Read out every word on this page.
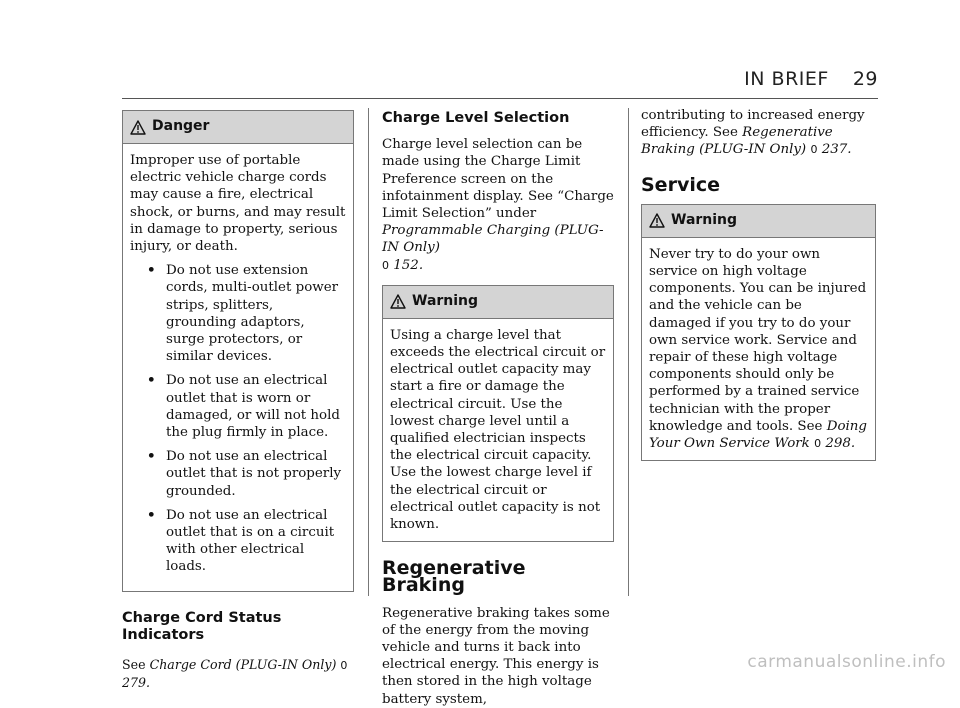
IN BRIEF 29
Danger

Improper use of portable electric vehicle charge cords may cause a fire, electrical shock, or burns, and may result in damage to property, serious injury, or death.

• Do not use extension cords, multi-outlet power strips, splitters, grounding adaptors, surge protectors, or similar devices.
• Do not use an electrical outlet that is worn or damaged, or will not hold the plug firmly in place.
• Do not use an electrical outlet that is not properly grounded.
• Do not use an electrical outlet that is on a circuit with other electrical loads.
Charge Cord Status Indicators

See Charge Cord (PLUG-IN Only) 0 279.

Charge Level Selection

Charge level selection can be made using the Charge Limit Preference screen on the infotainment display. See “Charge Limit Selection” under Programmable Charging (PLUG-IN Only)
0 152.

Warning

Using a charge level that exceeds the electrical circuit or electrical outlet capacity may start a fire or damage the electrical circuit. Use the lowest charge level until a qualified electrician inspects the electrical circuit capacity. Use the lowest charge level if the electrical circuit or electrical outlet capacity is not known.

Regenerative Braking

Regenerative braking takes some of the energy from the moving vehicle and turns it back into electrical energy. This energy is then stored in the high voltage battery system,

contributing to increased energy efficiency. See Regenerative Braking (PLUG-IN Only) 0 237.

Service
Warning

Never try to do your own service on high voltage components. You can be injured and the vehicle can be damaged if you try to do your own service work. Service and repair of these high voltage components should only be performed by a trained service technician with the proper knowledge and tools. See Doing Your Own Service Work 0 298.

carmanualsonline.info
